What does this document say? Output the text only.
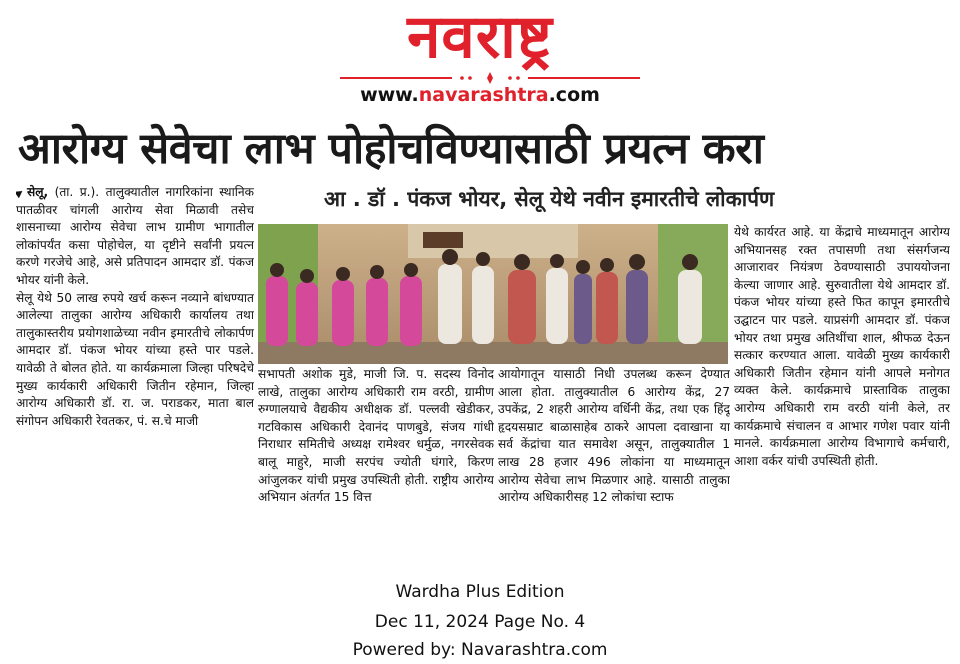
नवराष्ट्र
www.navarashtra.com
आरोग्य सेवेचा लाभ पोहोचविण्यासाठी प्रयत्न करा
आ . डॉ . पंकज भोयर, सेलू येथे नवीन इमारतीचे लोकार्पण

सेलू, (ता. प्र.). तालुक्यातील नागरिकांना स्थानिक पातळीवर चांगली आरोग्य सेवा मिळावी तसेच शासनाच्या आरोग्य सेवेचा लाभ ग्रामीण भागातील लोकांपर्यंत कसा पोहोचेल, या दृष्टीने सर्वांनी प्रयत्न करणे गरजेचे आहे, असे प्रतिपादन आमदार डॉ. पंकज भोयर यांनी केले.

सेलू येथे 50 लाख रुपये खर्च करून नव्याने बांधण्यात आलेल्या तालुका आरोग्य अधिकारी कार्यालय तथा तालुकास्तरीय प्रयोगशाळेच्या नवीन इमारतीचे लोकार्पण आमदार डॉ. पंकज भोयर यांच्या हस्ते पार पडले. यावेळी ते बोलत होते. या कार्यक्रमाला जिल्हा परिषदेचे मुख्य कार्यकारी अधिकारी जितीन रहेमान, जिल्हा आरोग्य अधिकारी डॉ. रा. ज. पराडकर, माता बाल संगोपन अधिकारी रेवतकर, पं. स.चे माजी

सभापती अशोक मुडे, माजी जि. प. सदस्य विनोद लाखे, तालुका आरोग्य अधिकारी राम वरठी, ग्रामीण रुग्णालयाचे वैद्यकीय अधीक्षक डॉ. पल्लवी खेडीकर, गटविकास अधिकारी देवानंद पाणबुडे, संजय गांधी निराधार समितीचे अध्यक्ष रामेश्वर धर्मुळ, नगरसेवक बालू माहुरे, माजी सरपंच ज्योती घंगारे, किरण आंजुलकर यांची प्रमुख उपस्थिती होती. राष्ट्रीय आरोग्य अभियान अंतर्गत 15 वित्त
आयोगातून यासाठी निधी उपलब्ध करून देण्यात आला होता. तालुक्यातील 6 आरोग्य केंद्र, 27 उपकेंद्र, 2 शहरी आरोग्य वर्धिनी केंद्र, तथा एक हिंदू हृदयसम्राट बाळासाहेब ठाकरे आपला दवाखाना या सर्व केंद्रांचा यात समावेश असून, तालुक्यातील 1 लाख 28 हजार 496 लोकांना या माध्यमातून आरोग्य सेवेचा लाभ मिळणार आहे. यासाठी तालुका आरोग्य अधिकारीसह 12 लोकांचा स्टाफ
येथे कार्यरत आहे. या केंद्राचे माध्यमातून आरोग्य अभियानसह रक्त तपासणी तथा संसर्गजन्य आजारावर नियंत्रण ठेवण्यासाठी उपाययोजना केल्या जाणार आहे. सुरुवातीला येथे आमदार डॉ. पंकज भोयर यांच्या हस्ते फित कापून इमारतीचे उद्घाटन पार पडले. याप्रसंगी आमदार डॉ. पंकज भोयर तथा प्रमुख अतिथींचा शाल, श्रीफळ देऊन सत्कार करण्यात आला. यावेळी मुख्य कार्यकारी अधिकारी जितीन रहेमान यांनी आपले मनोगत व्यक्त केले. कार्यक्रमाचे प्रास्ताविक तालुका आरोग्य अधिकारी राम वरठी यांनी केले, तर कार्यक्रमाचे संचालन व आभार गणेश पवार यांनी मानले. कार्यक्रमाला आरोग्य विभागाचे कर्मचारी, आशा वर्कर यांची उपस्थिती होती.
Wardha Plus Edition
Dec 11, 2024 Page No. 4
Powered by: Navarashtra.com
